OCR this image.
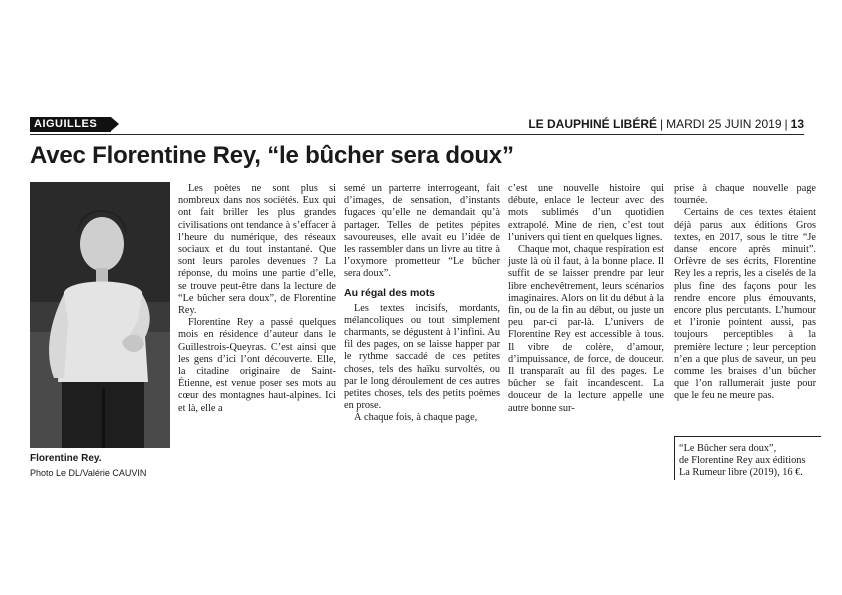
AIGUILLES	LE DAUPHINÉ LIBÉRÉ | MARDI 25 JUIN 2019 | 13
Avec Florentine Rey, “le bûcher sera doux”
Florentine Rey.
Photo Le DL/Valérie CAUVIN

Les poètes ne sont plus si nombreux dans nos sociétés. Eux qui ont fait briller les plus grandes civilisations ont tendance à s’effacer à l’heure du numérique, des réseaux sociaux et du tout instantané. Que sont leurs paroles devenues ? La réponse, du moins une partie d’elle, se trouve peut-être dans la lecture de “Le bûcher sera doux”, de Florentine Rey.

Florentine Rey a passé quelques mois en résidence d’auteur dans le Guillestrois-Queyras. C’est ainsi que les gens d’ici l’ont découverte. Elle, la citadine originaire de Saint-Étienne, est venue poser ses mots au cœur des montagnes haut-alpines. Ici et là, elle a

semé un parterre interrogeant, fait d’images, de sensation, d’instants fugaces qu’elle ne demandait qu’à partager. Telles de petites pépites savoureuses, elle avait eu l’idée de les rassembler dans un livre au titre à l’oxymore prometteur “Le bûcher sera doux”.

Au régal des mots

Les textes incisifs, mordants, mélancoliques ou tout simplement charmants, se dégustent à l’infini. Au fil des pages, on se laisse happer par le rythme saccadé de ces petites choses, tels des haïku survoltés, ou par le long déroulement de ces autres petites choses, tels des petits poèmes en prose.

À chaque fois, à chaque page,

c’est une nouvelle histoire qui débute, enlace le lecteur avec des mots sublimés d’un quotidien extrapolé. Mine de rien, c’est tout l’univers qui tient en quelques lignes.

Chaque mot, chaque respiration est juste là où il faut, à la bonne place. Il suffit de se laisser prendre par leur libre enchevêtrement, leurs scénarios imaginaires. Alors on lit du début à la fin, ou de la fin au début, ou juste un peu par-ci par-là. L’univers de Florentine Rey est accessible à tous. Il vibre de colère, d’amour, d’impuissance, de force, de douceur. Il transparaît au fil des pages. Le bûcher se fait incandescent. La douceur de la lecture appelle une autre bonne sur-

prise à chaque nouvelle page tournée.

Certains de ces textes étaient déjà parus aux éditions Gros textes, en 2017, sous le titre “Je danse encore après minuit”. Orfèvre de ses écrits, Florentine Rey les a repris, les a ciselés de la plus fine des façons pour les rendre encore plus émouvants, encore plus percutants. L’humour et l’ironie pointent aussi, pas toujours perceptibles à la première lecture ; leur perception n’en a que plus de saveur, un peu comme les braises d’un bûcher que l’on rallumerait juste pour que le feu ne meure pas.

“Le Bûcher sera doux”,
de Florentine Rey aux éditions
La Rumeur libre (2019), 16 €.
